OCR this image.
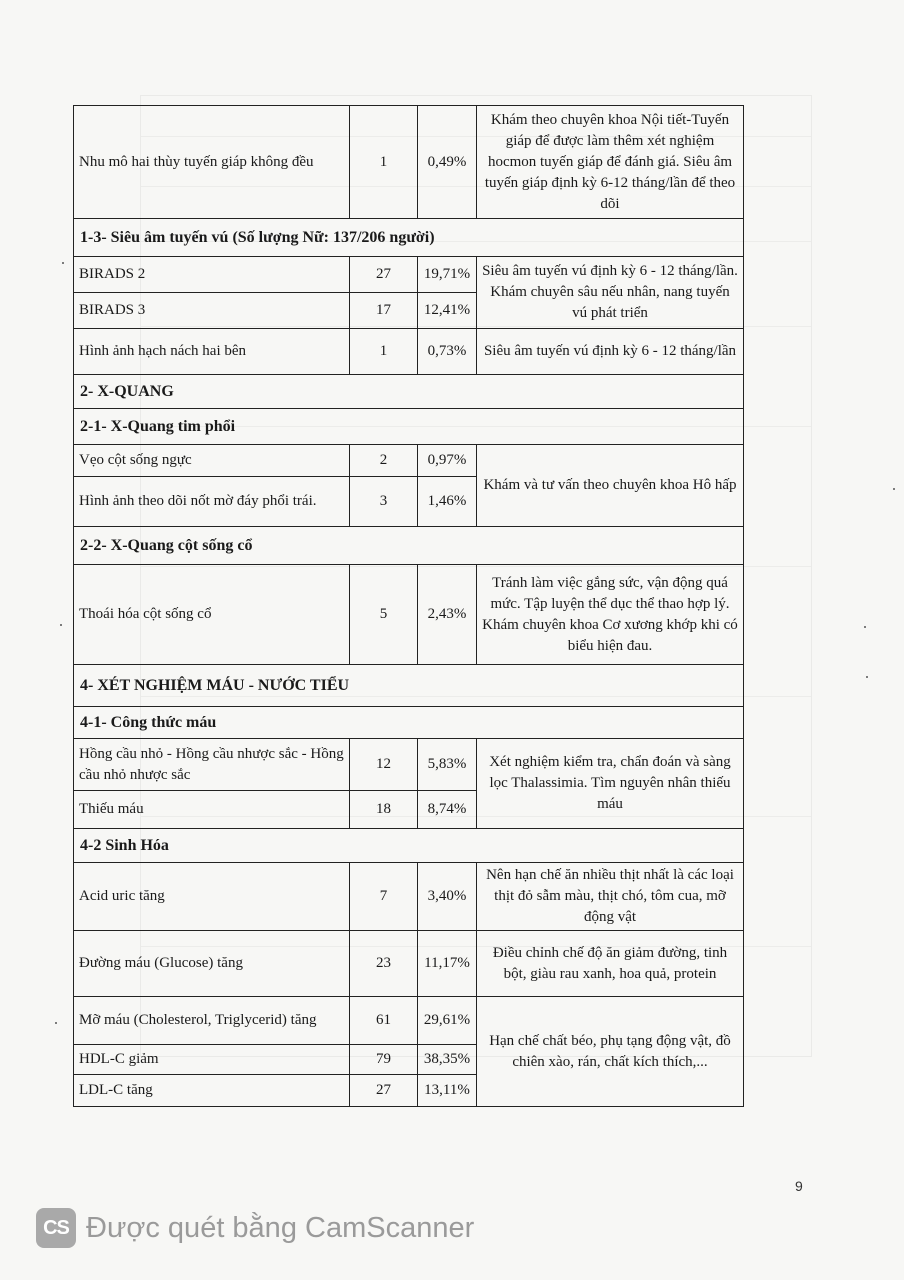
Nhu mô hai thùy tuyến giáp không đều	1	0,49%	Khám theo chuyên khoa Nội tiết-Tuyến giáp để được làm thêm xét nghiệm hocmon tuyến giáp để đánh giá. Siêu âm tuyến giáp định kỳ 6-12 tháng/lần để theo dõi
1-3- Siêu âm tuyến vú (Số lượng Nữ: 137/206 người)			
BIRADS 2	27	19,71%	Siêu âm tuyến vú định kỳ 6 - 12 tháng/lần. Khám chuyên sâu nếu nhân, nang tuyến vú phát triển
BIRADS 3	17	12,41%	
Hình ảnh hạch nách hai bên	1	0,73%	Siêu âm tuyến vú định kỳ 6 - 12 tháng/lần
2- X-QUANG			
2-1- X-Quang tim phổi			
Vẹo cột sống ngực	2	0,97%	Khám và tư vấn theo chuyên khoa Hô hấp
Hình ảnh theo dõi nốt mờ đáy phổi trái.	3	1,46%	
2-2- X-Quang cột sống cổ			
Thoái hóa cột sống cổ	5	2,43%	Tránh làm việc gắng sức, vận động quá mức. Tập luyện thể dục thể thao hợp lý. Khám chuyên khoa Cơ xương khớp khi có biểu hiện đau.
4- XÉT NGHIỆM MÁU - NƯỚC TIỂU			
4-1- Công thức máu			
Hồng cầu nhỏ - Hồng cầu nhược sắc - Hồng cầu nhỏ nhược sắc	12	5,83%	Xét nghiệm kiểm tra, chẩn đoán và sàng lọc Thalassimia. Tìm nguyên nhân thiếu máu
Thiếu máu	18	8,74%	
4-2 Sinh Hóa			
Acid uric tăng	7	3,40%	Nên hạn chế ăn nhiều thịt nhất là các loại thịt đỏ sẫm màu, thịt chó, tôm cua, mỡ động vật
Đường máu (Glucose) tăng	23	11,17%	Điều chỉnh chế độ ăn giảm đường, tinh bột, giàu rau xanh, hoa quả, protein
Mỡ máu (Cholesterol, Triglycerid) tăng	61	29,61%	Hạn chế chất béo, phụ tạng động vật, đồ chiên xào, rán, chất kích thích,...
HDL-C giảm	79	38,35%	
LDL-C tăng	27	13,11%	
9
CS Được quét bằng CamScanner
